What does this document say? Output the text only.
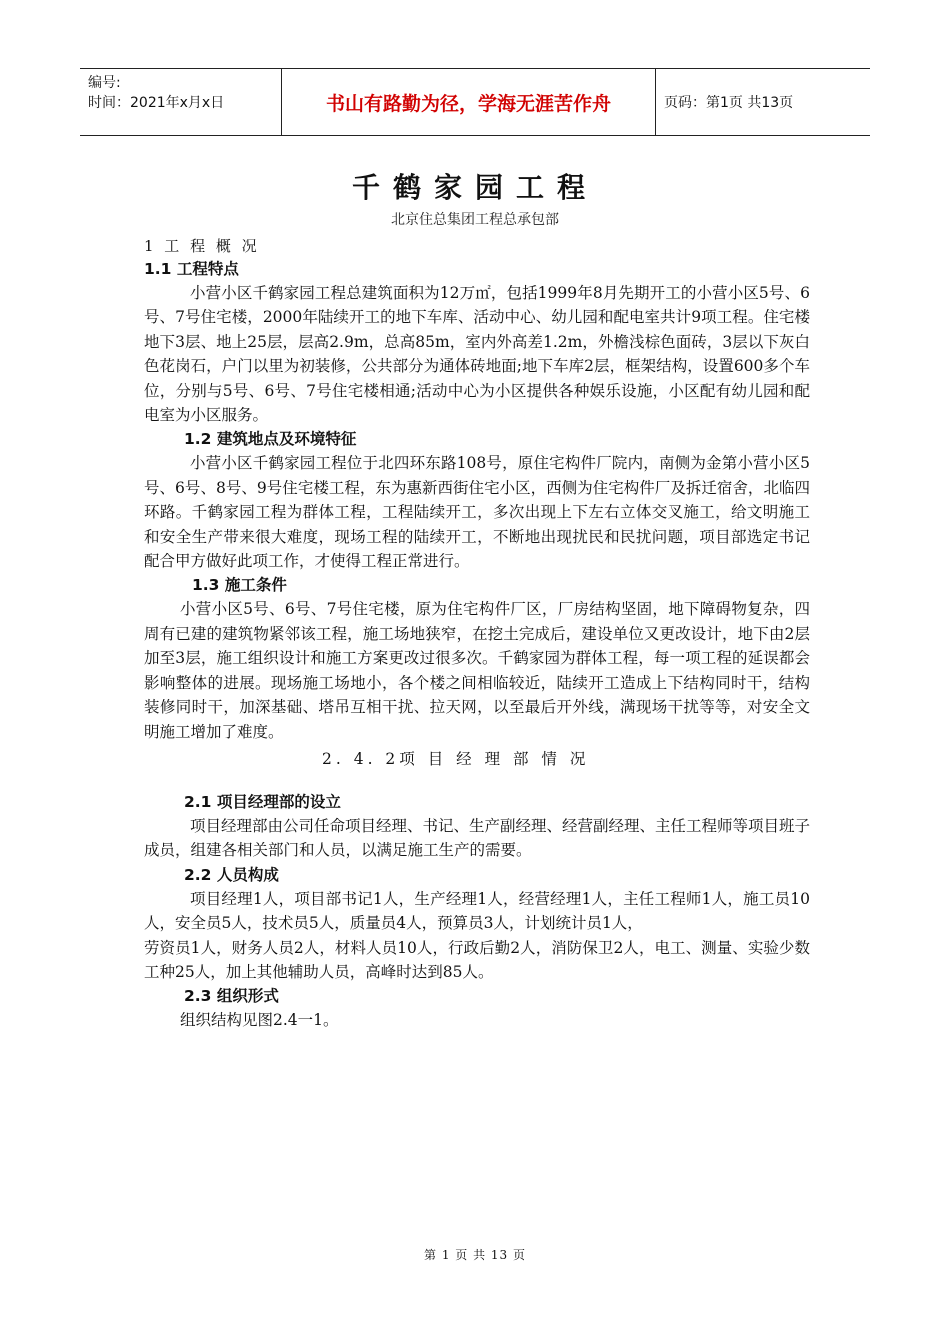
编号:
时间：2021年x月x日	书山有路勤为径，学海无涯苦作舟	页码：第1页 共13页
千鹤家园工程
北京住总集团工程总承包部
1 工 程 概 况
1.1 工程特点

小营小区千鹤家园工程总建筑面积为12万㎡，包括1999年8月先期开工的小营小区5号、6号、7号住宅楼，2000年陆续开工的地下车库、活动中心、幼儿园和配电室共计9项工程。住宅楼地下3层、地上25层，层高2.9m，总高85m，室内外高差1.2m，外檐浅棕色面砖，3层以下灰白色花岗石，户门以里为初装修，公共部分为通体砖地面;地下车库2层，框架结构，设置600多个车位，分别与5号、6号、7号住宅楼相通;活动中心为小区提供各种娱乐设施，小区配有幼儿园和配电室为小区服务。

1.2 建筑地点及环境特征

小营小区千鹤家园工程位于北四环东路108号，原住宅构件厂院内，南侧为金第小营小区5号、6号、8号、9号住宅楼工程，东为惠新西街住宅小区，西侧为住宅构件厂及拆迁宿舍，北临四环路。千鹤家园工程为群体工程，工程陆续开工，多次出现上下左右立体交叉施工，给文明施工和安全生产带来很大难度，现场工程的陆续开工，不断地出现扰民和民扰问题，项目部选定书记配合甲方做好此项工作，才使得工程正常进行。

1.3 施工条件

小营小区5号、6号、7号住宅楼，原为住宅构件厂区，厂房结构坚固，地下障碍物复杂，四周有已建的建筑物紧邻该工程，施工场地狭窄，在挖土完成后，建设单位又更改设计，地下由2层加至3层，施工组织设计和施工方案更改过很多次。千鹤家园为群体工程，每一项工程的延误都会影响整体的进展。现场施工场地小，各个楼之间相临较近，陆续开工造成上下结构同时干，结构装修同时干，加深基础、塔吊互相干扰、拉天网，以至最后开外线，满现场干扰等等，对安全文明施工增加了难度。

2. 4. 2项 目 经 理 部 情 况
2.1 项目经理部的设立

项目经理部由公司任命项目经理、书记、生产副经理、经营副经理、主任工程师等项目班子成员，组建各相关部门和人员，以满足施工生产的需要。

2.2 人员构成

项目经理1人，项目部书记1人，生产经理1人，经营经理1人，主任工程师1人，施工员10人，安全员5人，技术员5人，质量员4人，预算员3人，计划统计员1人，

劳资员1人，财务人员2人，材料人员10人，行政后勤2人，消防保卫2人，电工、测量、实验少数工种25人，加上其他辅助人员，高峰时达到85人。

2.3 组织形式

组织结构见图2.4一1。

第 1 页 共 13 页
